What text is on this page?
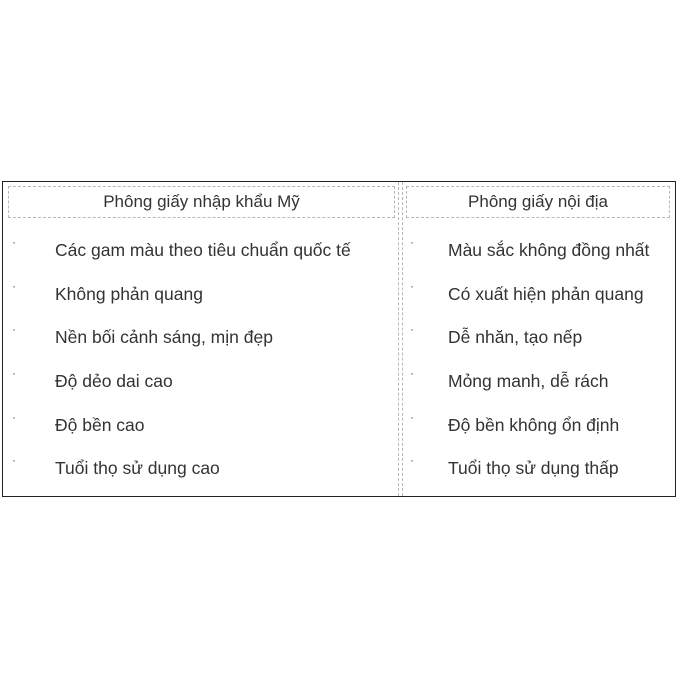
Phông giấy nhập khẩu Mỹ	Phông giấy nội địa
· Các gam màu theo tiêu chuẩn quốc tế
· Không phản quang
· Nền bối cảnh sáng, mịn đẹp
· Độ dẻo dai cao
· Độ bền cao
· Tuổi thọ sử dụng cao
· Màu sắc không đồng nhất
· Có xuất hiện phản quang
· Dễ nhăn, tạo nếp
· Mỏng manh, dễ rách
· Độ bền không ổn định
· Tuổi thọ sử dụng thấp
